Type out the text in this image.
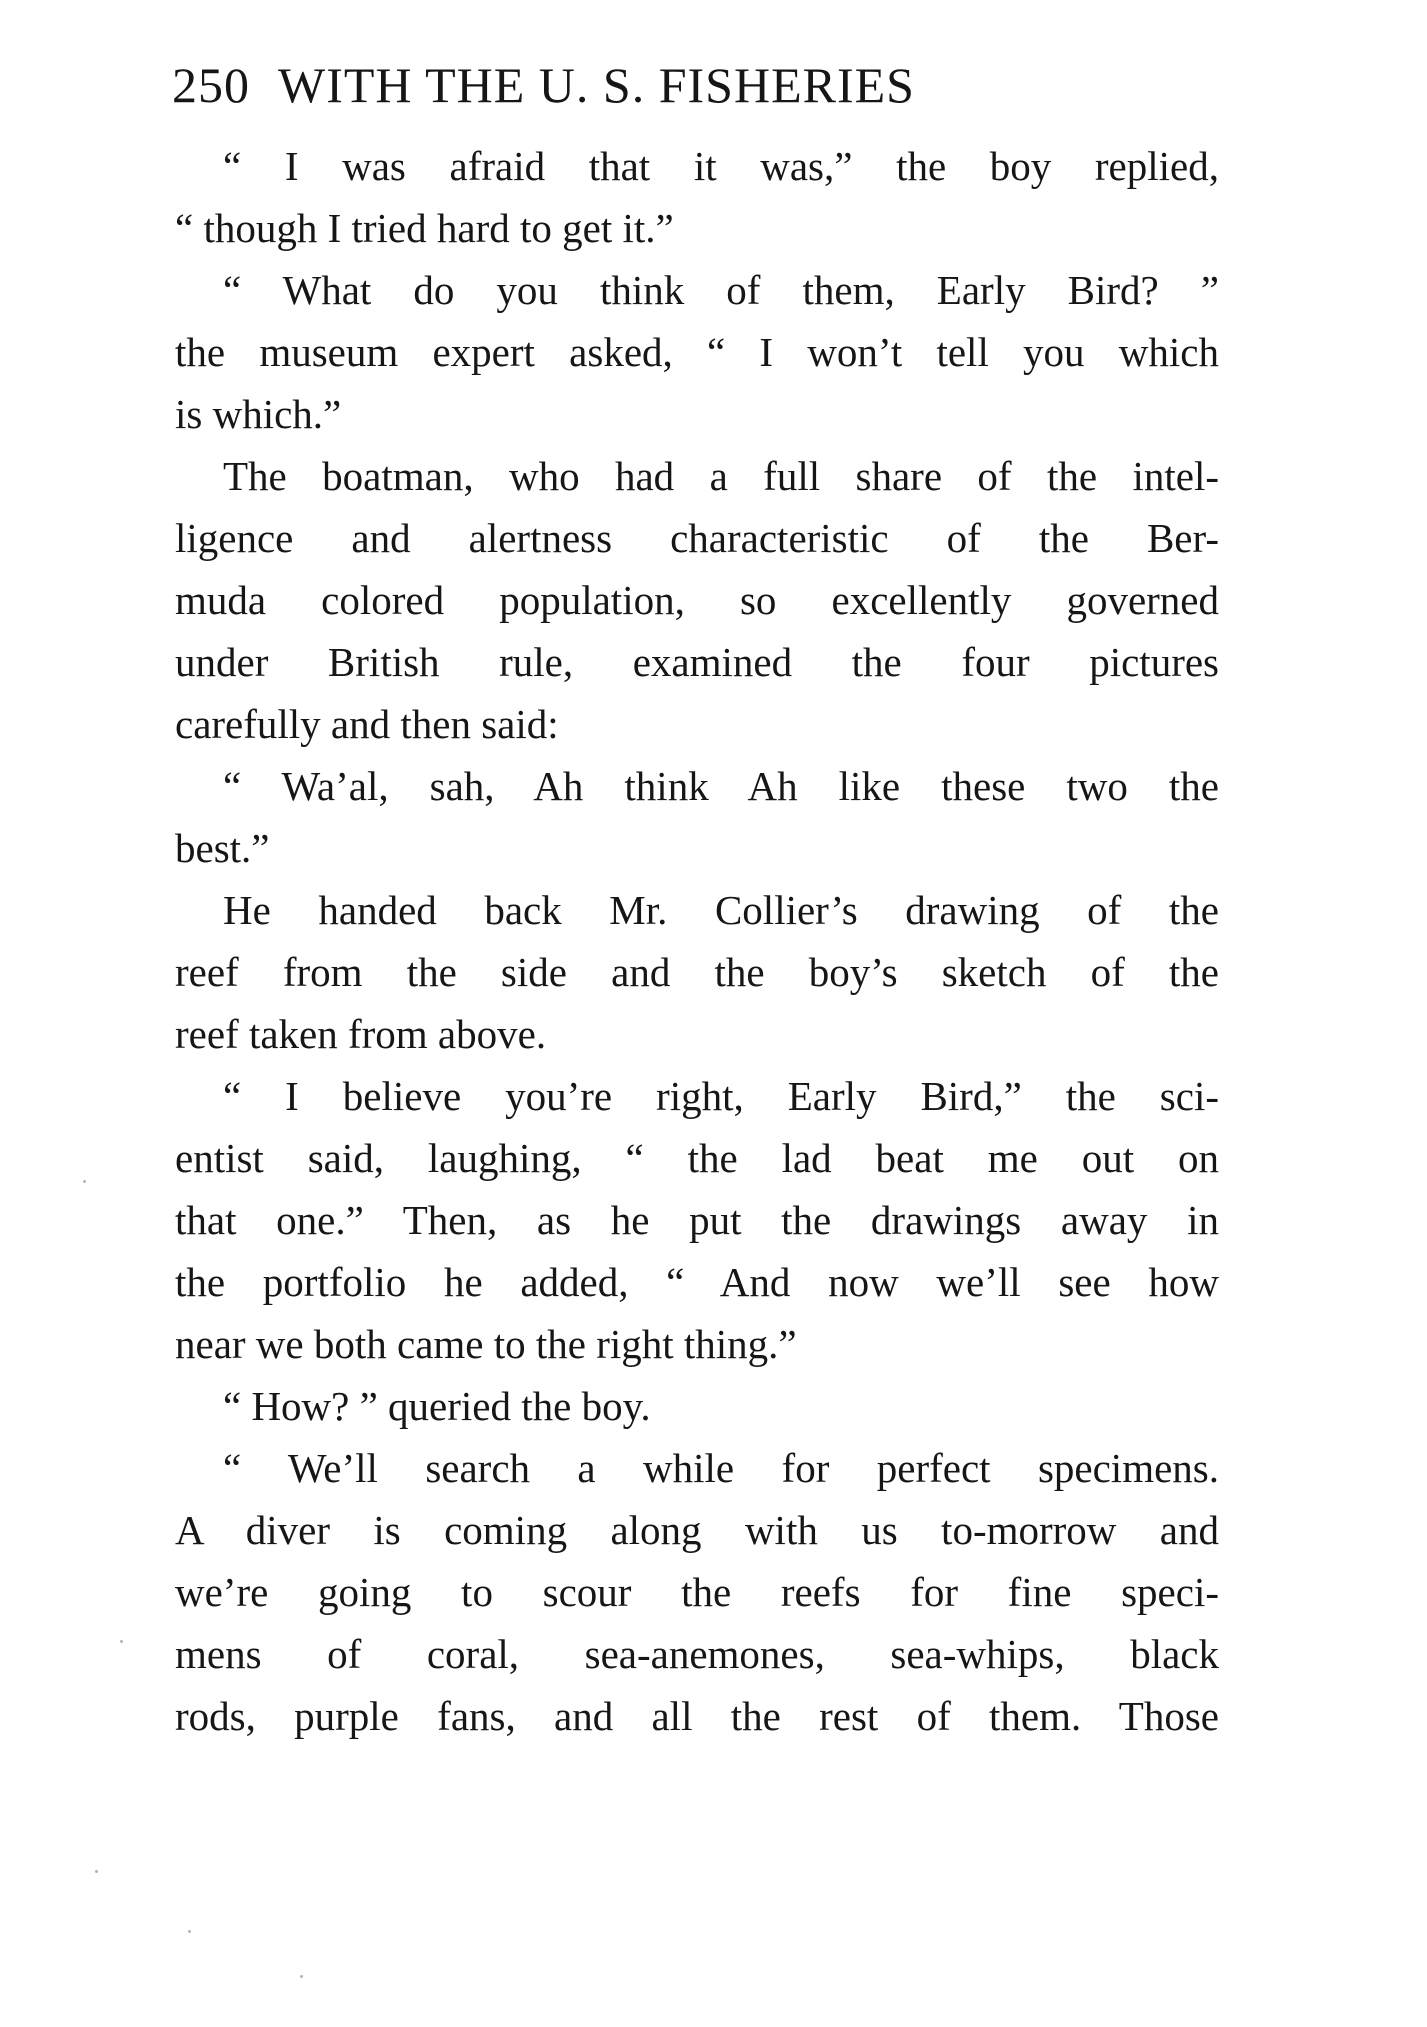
250 WITH THE U. S. FISHERIES
“ I was afraid that it was,” the boy replied,
“ though I tried hard to get it.”
“ What do you think of them, Early Bird? ”
the museum expert asked, “ I won’t tell you which
is which.”
The boatman, who had a full share of the intel-
ligence and alertness characteristic of the Ber-
muda colored population, so excellently governed
under British rule, examined the four pictures
carefully and then said:
“ Wa’al, sah, Ah think Ah like these two the
best.”
He handed back Mr. Collier’s drawing of the
reef from the side and the boy’s sketch of the
reef taken from above.
“ I believe you’re right, Early Bird,” the sci-
entist said, laughing, “ the lad beat me out on
that one.” Then, as he put the drawings away in
the portfolio he added, “ And now we’ll see how
near we both came to the right thing.”
“ How? ” queried the boy.
“ We’ll search a while for perfect specimens.
A diver is coming along with us to-morrow and
we’re going to scour the reefs for fine speci-
mens of coral, sea-anemones, sea-whips, black
rods, purple fans, and all the rest of them. Those
